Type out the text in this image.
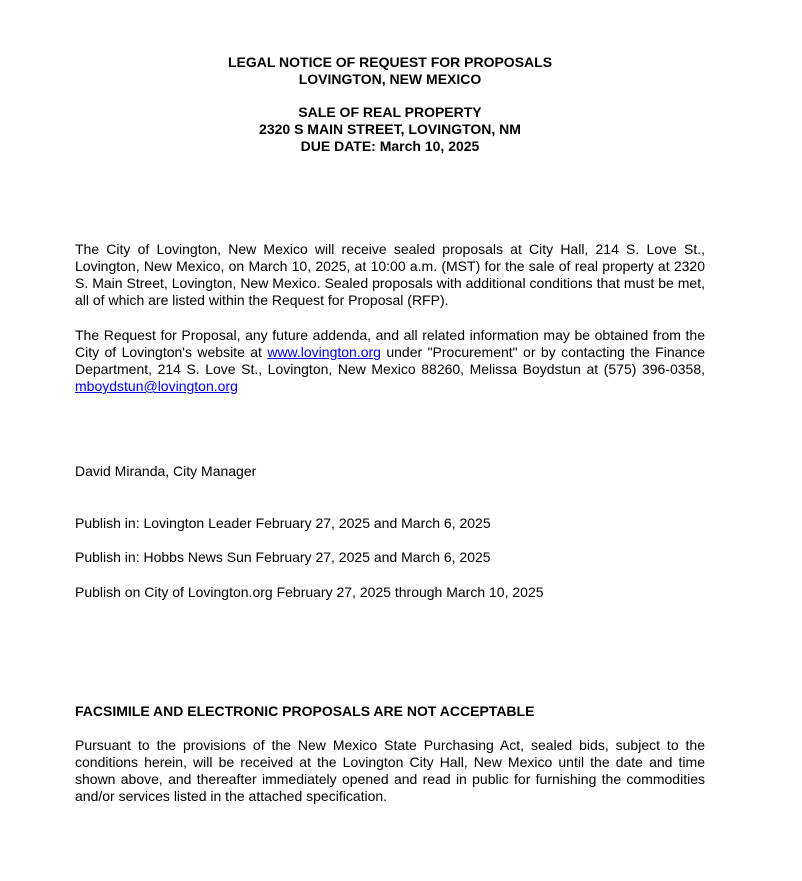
LEGAL NOTICE OF REQUEST FOR PROPOSALS
LOVINGTON, NEW MEXICO
SALE OF REAL PROPERTY
2320 S MAIN STREET, LOVINGTON, NM
DUE DATE: March 10, 2025
The City of Lovington, New Mexico will receive sealed proposals at City Hall, 214 S. Love St., Lovington, New Mexico, on March 10, 2025, at 10:00 a.m. (MST) for the sale of real property at 2320 S. Main Street, Lovington, New Mexico. Sealed proposals with additional conditions that must be met, all of which are listed within the Request for Proposal (RFP).
The Request for Proposal, any future addenda, and all related information may be obtained from the City of Lovington's website at www.lovington.org under "Procurement" or by contacting the Finance Department, 214 S. Love St., Lovington, New Mexico 88260, Melissa Boydstun at (575) 396-0358, mboydstun@lovington.org
David Miranda, City Manager
Publish in: Lovington Leader February 27, 2025 and March 6, 2025
Publish in: Hobbs News Sun February 27, 2025 and March 6, 2025
Publish on City of Lovington.org February 27, 2025 through March 10, 2025
FACSIMILE AND ELECTRONIC PROPOSALS ARE NOT ACCEPTABLE
Pursuant to the provisions of the New Mexico State Purchasing Act, sealed bids, subject to the conditions herein, will be received at the Lovington City Hall, New Mexico until the date and time shown above, and thereafter immediately opened and read in public for furnishing the commodities and/or services listed in the attached specification.
